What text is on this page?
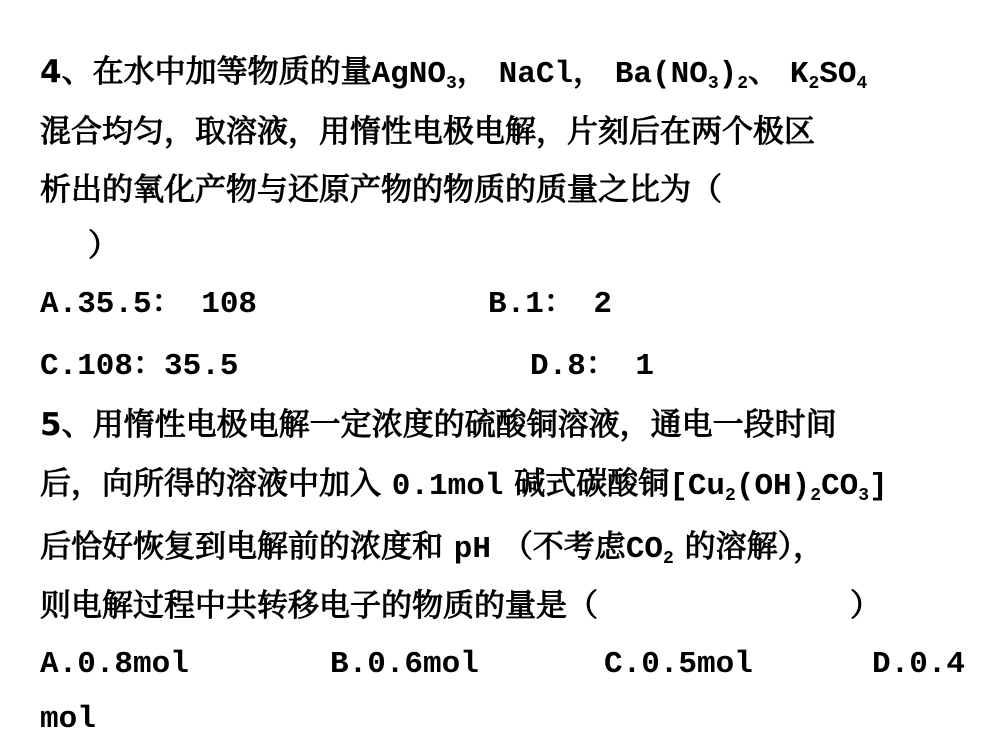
4、在水中加等物质的量AgNO$_3$， NaCl， $Ba(NO_3)_2$、 $K_2SO_4$
混合均匀，取溶液，用惰性电极电解，片刻后在两个极区
析出的氧化产物与还原产物的物质的质量之比为（
）
A.35.5： 108	B.1： 2
C.108：35.5	D.8： 1
5、用惰性电极电解一定浓度的硫酸铜溶液，通电一段时间
后，向所得的溶液中加入 0.1mol 碱式碳酸铜$[Cu_2(OH)_2CO_3]$
后恰好恢复到电解前的浓度和 pH （不考虑$CO_2$ 的溶解），
则电解过程中共转移电子的物质的量是（	）
A.0.8mol	B.0.6mol	C.0.5mol	D.0.4
mol
